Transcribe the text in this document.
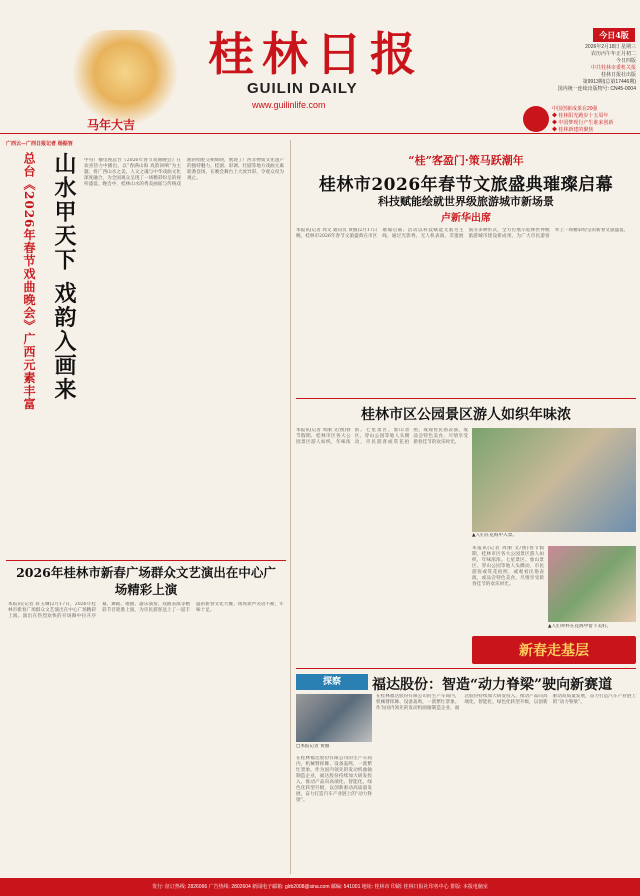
马年大吉
桂林日报
GUILIN DAILY
www.guilinlife.com
今日4版
2026年2月18日 星期三
农历丙午年正月初二
今日四版
中共桂林市委机关报
桂林日报社出版
第9913期(总第17446期)
国内统一连续出版物号: CN45-0004
中国创新成果在20强
◆ 桂林阳光跑步十五周年
◆ 中国梦现行产生谁来创新
◆ 桂林新建的聚焦
广西云—广西日报记者 杨振容
山水甲天下 戏韵入画来
总台《2026年春节戏曲晚会》广西元素丰富	中央广播电视总台《2026年春节戏曲晚会》在欢喜热力中播出。以“春满山海 戏韵回响”为主题，将广西山水之美、人文之魂与中华戏曲文化深度融合，为全国观众呈现了一场精彩纷呈的视听盛宴。晚会中，桂林山水的秀美画面与传统戏曲的唱腔交相辉映，展现了广西非物质文化遗产的独特魅力。桂剧、彩调、壮剧等地方戏曲元素轮番登场，在晚会舞台上大放异彩，令观众叹为观止。
2026年桂林市新春广场群众文艺演出在中心广场精彩上演
本报讯(记者 蒋玉琳)2月17日，2026年桂林市新春广场群众文艺演出在中心广场精彩上演。演出在热烈欢快的开场舞中拉开序幕，舞蹈、歌曲、器乐演奏、戏曲表演等精彩节目轮番上演，为市民游客送上了一道丰盛的新春文化大餐。现场欢声笑语不断，年味十足。
“桂”客盈门·策马跃潮年
桂林市2026年春节文旅盛典璀璨启幕
科技赋能绘就世界级旅游城市新场景
卢新华出席
本报讯(记者 周文 通讯员 黄丽)2月17日晚，桂林市2026年春节文旅盛典在市区璀璨启幕。活动以科技赋能文旅为主线，通过光影秀、无人机表演、非遗展演等多种形式，全方位展示桂林世界级旅游城市建设新成果，为广大市民游客奉上一场精彩纷呈的新春文旅盛宴。
桂林市区公园景区游人如织年味浓
本报讯(记者 周丽 文/图)春节假期，桂林市区各大公园景区游人如织，年味浓浓。七星景区、象山景区、穿山公园等地人头攒动，市民游客或赏花拍照，或观看民俗表演，或品尝特色美食，尽情享受新春佳节的欢乐时光。
▲人们在花海中入景。
本报讯(记者 周丽 文/图)春节假期，桂林市区各大公园景区游人如织，年味浓浓。七星景区、象山景区、穿山公园等地人头攒动，市民游客或赏花拍照，或观看民俗表演，或品尝特色美食，尽情享受新春佳节的欢乐时光。
▲人们举杯在花海中留下美好。
新春走基层
探察	福达股份：智造“动力脊梁”驶向新赛道
□本报记者 黄丽
在桂林福达股份有限公司的生产车间内，机械臂挥舞、设备轰鸣，一派繁忙景象。作为国内领先的发动机曲轴制造企业，福达股份持续加大研发投入，推动产品向高端化、智能化、绿色化转型升级，以创新驱动高质量发展，奋力打造汽车产业链上的“动力脊梁”。
在桂林福达股份有限公司的生产车间内，机械臂挥舞、设备轰鸣，一派繁忙景象。作为国内领先的发动机曲轴制造企业，福达股份持续加大研发投入，推动产品向高端化、智能化、绿色化转型升级，以创新驱动高质量发展，奋力打造汽车产业链上的“动力脊梁”。
发行: 征订热线: 2826066 广告热线: 2802604 新闻电子邮箱: glrb2008@sina.com 邮编: 541001 地址: 桂林市 印刷: 桂林日报社印务中心 排版: 本报电脑室
